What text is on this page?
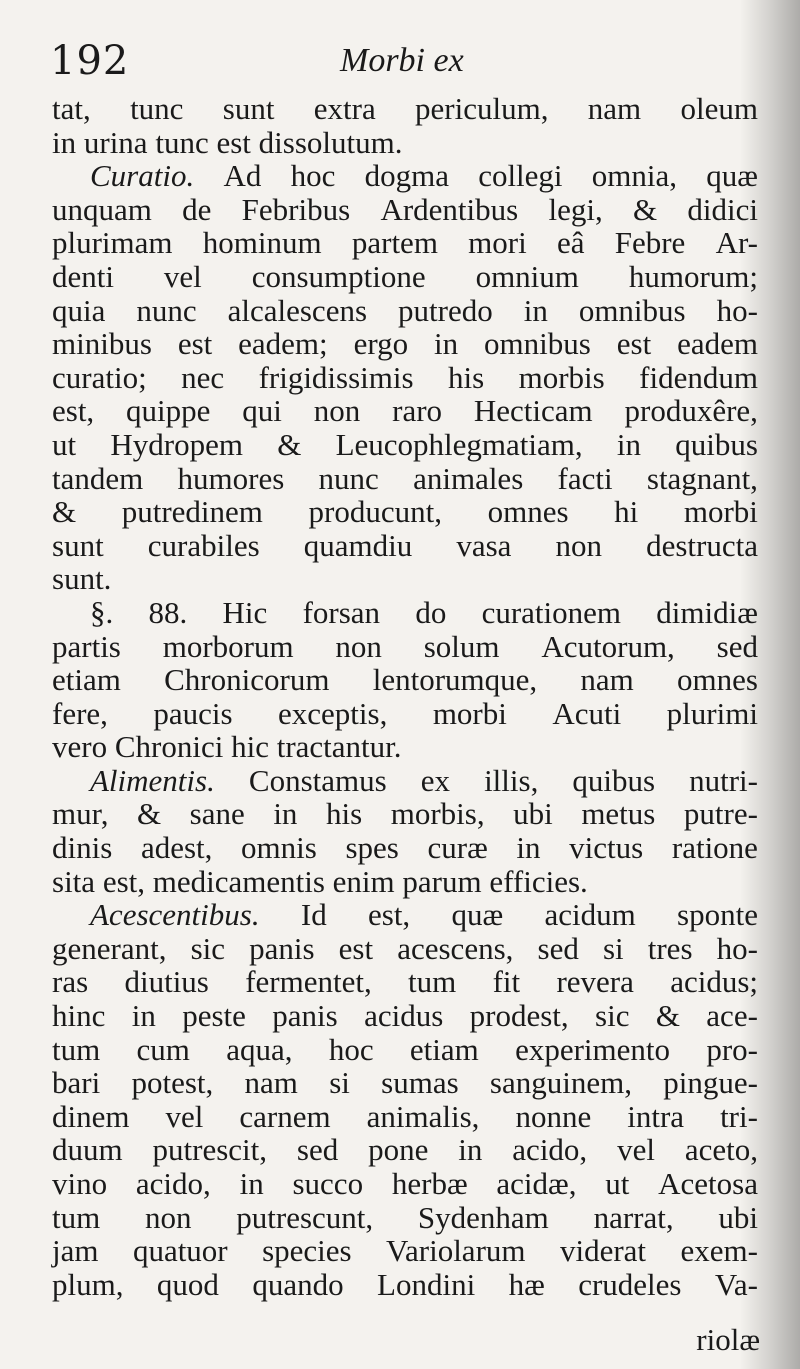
192	Morbi ex
tat, tunc sunt extra periculum, nam oleum
in urina tunc est dissolutum.
Curatio. Ad hoc dogma collegi omnia, quæ
unquam de Febribus Ardentibus legi, & didici
plurimam hominum partem mori eâ Febre Ar-
denti vel consumptione omnium humorum;
quia nunc alcalescens putredo in omnibus ho-
minibus est eadem; ergo in omnibus est eadem
curatio; nec frigidissimis his morbis fidendum
est, quippe qui non raro Hecticam produxêre,
ut Hydropem & Leucophlegmatiam, in quibus
tandem humores nunc animales facti stagnant,
& putredinem producunt, omnes hi morbi
sunt curabiles quamdiu vasa non destructa
sunt.
§. 88. Hic forsan do curationem dimidiæ
partis morborum non solum Acutorum, sed
etiam Chronicorum lentorumque, nam omnes
fere, paucis exceptis, morbi Acuti plurimi
vero Chronici hic tractantur.
Alimentis. Constamus ex illis, quibus nutri-
mur, & sane in his morbis, ubi metus putre-
dinis adest, omnis spes curæ in victus ratione
sita est, medicamentis enim parum efficies.
Acescentibus. Id est, quæ acidum sponte
generant, sic panis est acescens, sed si tres ho-
ras diutius fermentet, tum fit revera acidus;
hinc in peste panis acidus prodest, sic & ace-
tum cum aqua, hoc etiam experimento pro-
bari potest, nam si sumas sanguinem, pingue-
dinem vel carnem animalis, nonne intra tri-
duum putrescit, sed pone in acido, vel aceto,
vino acido, in succo herbæ acidæ, ut Acetosa
tum non putrescunt, Sydenham narrat, ubi
jam quatuor species Variolarum viderat exem-
plum, quod quando Londini hæ crudeles Va-
riolæ
